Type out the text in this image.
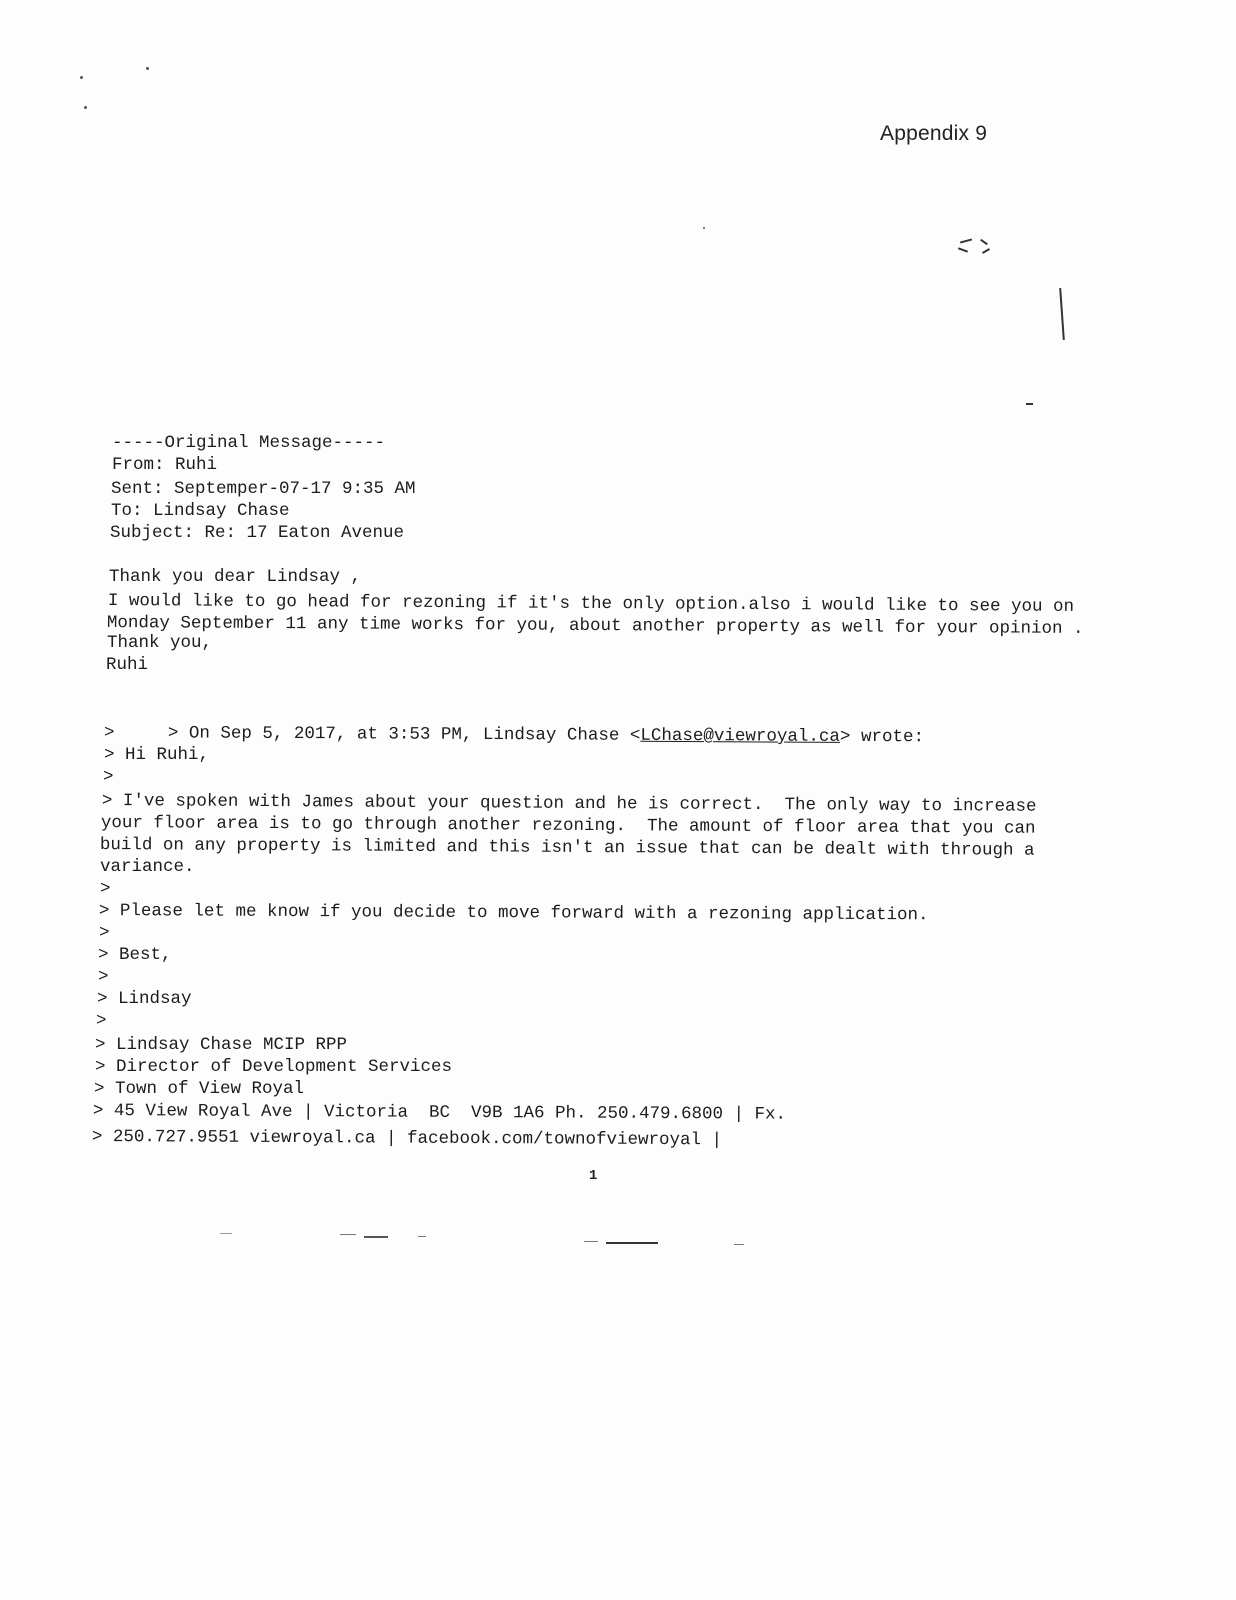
Appendix 9
-----Original Message-----
From: Ruhi
Sent: Septemper-07-17 9:35 AM
To: Lindsay Chase
Subject: Re: 17 Eaton Avenue
Thank you dear Lindsay ,
I would like to go head for rezoning if it's the only option.also i would like to see you on
Monday September 11 any time works for you, about another property as well for your opinion .
Thank you,
Ruhi

> On Sep 5, 2017, at 3:53 PM, Lindsay Chase <LChase@viewroyal.ca> wrote:

>
> Hi Ruhi,
>
> I've spoken with James about your question and he is correct.  The only way to increase
your floor area is to go through another rezoning.  The amount of floor area that you can
build on any property is limited and this isn't an issue that can be dealt with through a
variance.
>
> Please let me know if you decide to move forward with a rezoning application.
>
> Best,
>
> Lindsay
>
> Lindsay Chase MCIP RPP
> Director of Development Services
> Town of View Royal
> 45 View Royal Ave | Victoria  BC  V9B 1A6 Ph. 250.479.6800 | Fx.
> 250.727.9551 viewroyal.ca | facebook.com/townofviewroyal |
1
